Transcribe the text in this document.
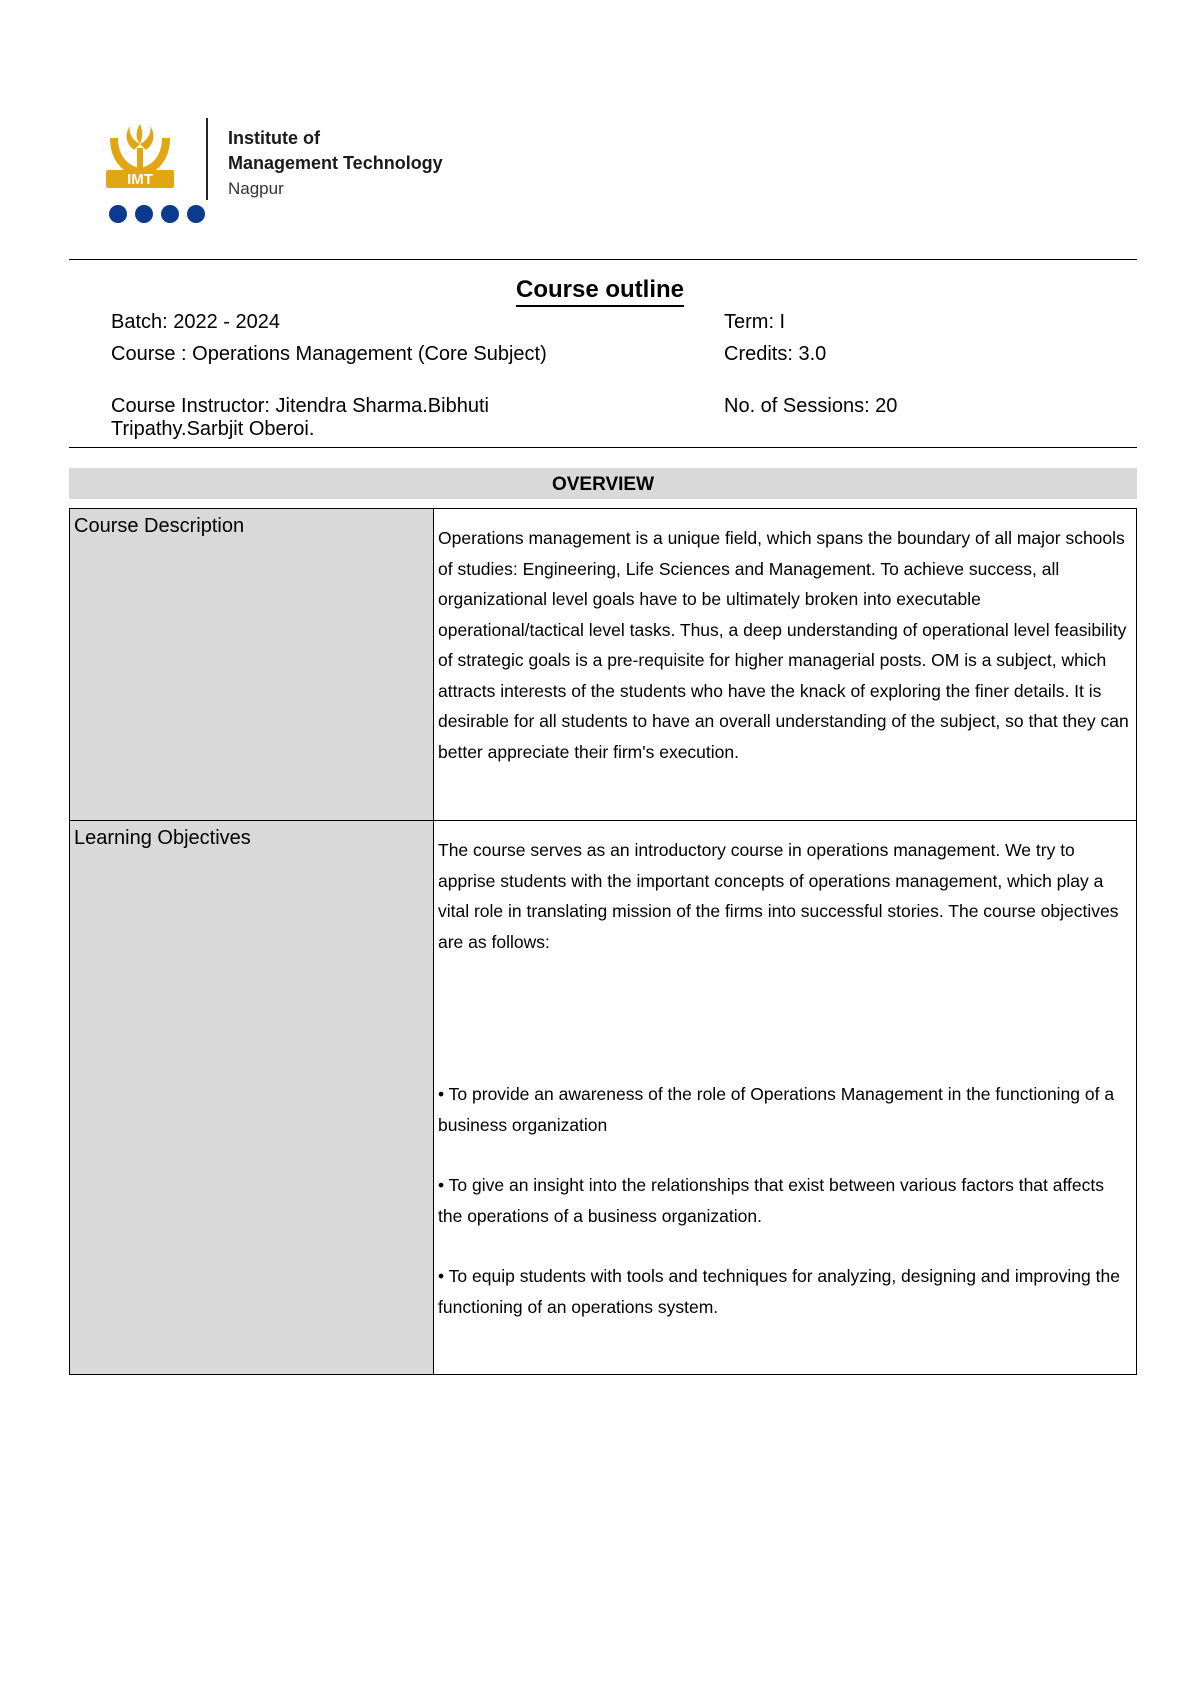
IMT
Institute of
Management Technology
Nagpur
Course outline
Batch: 2022 - 2024	Term: I
Course : Operations Management (Core Subject)	Credits: 3.0
Course Instructor: Jitendra Sharma.Bibhuti Tripathy.Sarbjit Oberoi.
No. of Sessions: 20
OVERVIEW
Course Description	Operations management is a unique field, which spans the boundary of all major schools of studies: Engineering, Life Sciences and Management. To achieve success, all organizational level goals have to be ultimately broken into executable operational/tactical level tasks. Thus, a deep understanding of operational level feasibility of strategic goals is a pre-requisite for higher managerial posts. OM is a subject, which attracts interests of the students who have the knack of exploring the finer details. It is desirable for all students to have an overall understanding of the subject, so that they can better appreciate their firm's execution.

Learning Objectives	The course serves as an introductory course in operations management. We try to apprise students with the important concepts of operations management, which play a vital role in translating mission of the firms into successful stories. The course objectives are as follows:

• To provide an awareness of the role of Operations Management in the functioning of a business organization

• To give an insight into the relationships that exist between various factors that affects the operations of a business organization.

• To equip students with tools and techniques for analyzing, designing and improving the functioning of an operations system.
